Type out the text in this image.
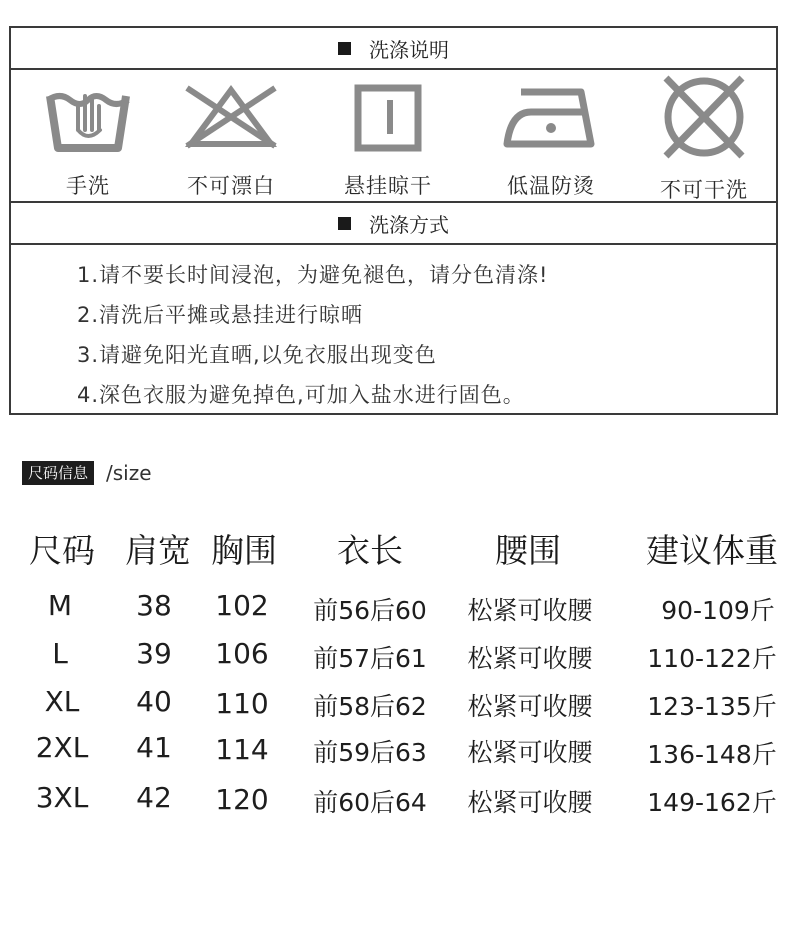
洗涤说明
手洗	不可漂白	悬挂晾干	低温防烫	不可干洗
洗涤方式
1.请不要长时间浸泡，为避免褪色，请分色清涤!
2.清洗后平摊或悬挂进行晾晒
3.请避免阳光直晒,以免衣服出现变色
4.深色衣服为避免掉色,可加入盐水进行固色。
尺码信息 /size
尺码 肩宽 胸围 衣长	腰围	建议体重
M 38 102 前56后60 松紧可收腰	90-109斤
L 39 106 前57后61 松紧可收腰 110-122斤
XL 40 110 前58后62 松紧可收腰 123-135斤
2XL 41 114 前59后63 松紧可收腰 136-148斤
3XL 42 120 前60后64 松紧可收腰 149-162斤
